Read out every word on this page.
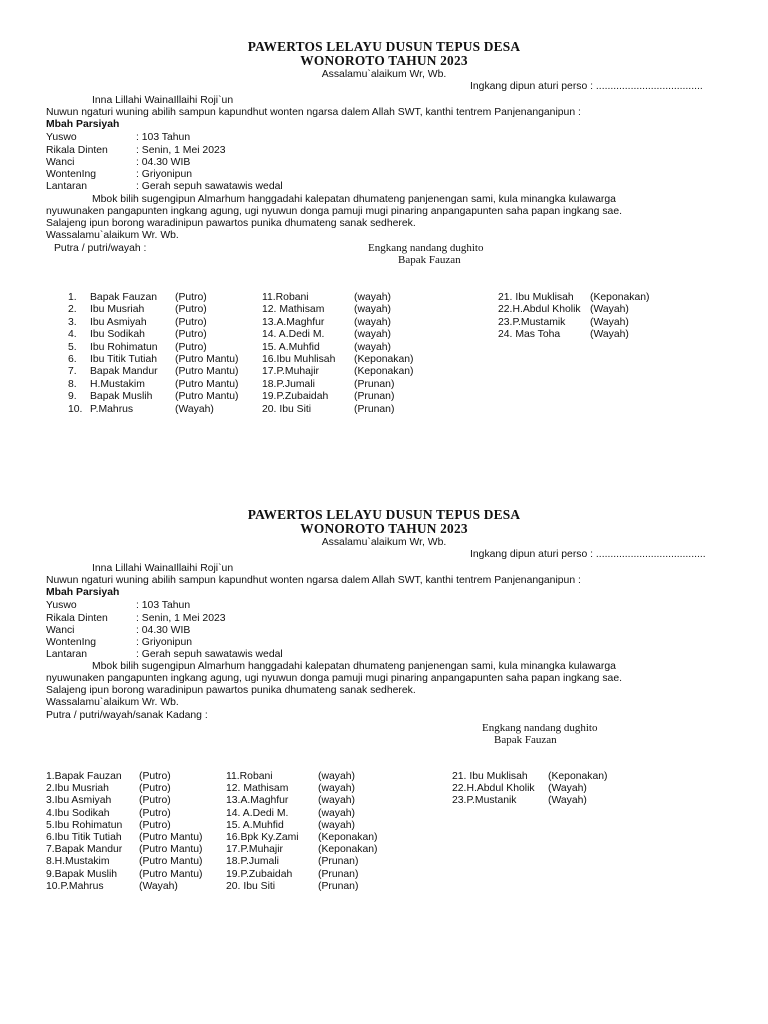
PAWERTOS LELAYU DUSUN TEPUS DESA
WONOROTO TAHUN 2023
Assalamu`alaikum Wr, Wb.
Ingkang dipun aturi perso : .....................................
Inna Lillahi WainaIllaihi Roji`un
Nuwun ngaturi wuning abilih sampun kapundhut wonten ngarsa dalem Allah SWT, kanthi tentrem Panjenanganipun :
Mbah Parsiyah
Yuswo	: 103 Tahun
Rikala Dinten	: Senin, 1 Mei 2023
Wanci	: 04.30 WIB
WontenIng	: Griyonipun
Lantaran	: Gerah sepuh sawatawis wedal
Mbok bilih sugengipun Almarhum hanggadahi kalepatan dhumateng panjenengan sami, kula minangka kulawarga
nyuwunaken pangapunten ingkang agung, ugi nyuwun donga pamuji mugi pinaring anpangapunten saha papan ingkang sae.
Salajeng ipun borong waradinipun pawartos punika dhumateng sanak sedherek.
Wassalamu`alaikum Wr. Wb.
Putra / putri/wayah :	Engkang nandang dughito
Bapak Fauzan
1. Bapak Fauzan (Putro)
2. Ibu Musriah	(Putro)
3. Ibu Asmiyah	(Putro)
4. Ibu Sodikah	(Putro)
5. Ibu Rohimatun (Putro)
6. Ibu Titik Tutiah (Putro Mantu)
7. Bapak Mandur (Putro Mantu)
8. H.Mustakim	(Putro Mantu)
9. Bapak Muslih (Putro Mantu)
10. P.Mahrus	(Wayah)
11.Robani	(wayah)
12. Mathisam	(wayah)
13.A.Maghfur	(wayah)
14. A.Dedi M.	(wayah)
15. A.Muhfid	(wayah)
16.Ibu Muhlisah (Keponakan)
17.P.Muhajir	(Keponakan)
18.P.Jumali	(Prunan)
19.P.Zubaidah (Prunan)
20. Ibu Siti	(Prunan)
21. Ibu Muklisah (Keponakan)
22.H.Abdul Kholik (Wayah)
23.P.Mustamik (Wayah)
24. Mas Toha	(Wayah)
PAWERTOS LELAYU DUSUN TEPUS DESA
WONOROTO TAHUN 2023
Assalamu`alaikum Wr, Wb.
Ingkang dipun aturi perso : ......................................
Inna Lillahi WainaIllaihi Roji`un
Nuwun ngaturi wuning abilih sampun kapundhut wonten ngarsa dalem Allah SWT, kanthi tentrem Panjenanganipun :
Mbah Parsiyah
Yuswo	: 103 Tahun
Rikala Dinten	: Senin, 1 Mei 2023
Wanci	: 04.30 WIB
WontenIng	: Griyonipun
Lantaran	: Gerah sepuh sawatawis wedal
Mbok bilih sugengipun Almarhum hanggadahi kalepatan dhumateng panjenengan sami, kula minangka kulawarga
nyuwunaken pangapunten ingkang agung, ugi nyuwun donga pamuji mugi pinaring anpangapunten saha papan ingkang sae.
Salajeng ipun borong waradinipun pawartos punika dhumateng sanak sedherek.
Wassalamu`alaikum Wr. Wb.
Putra / putri/wayah/sanak Kadang :
Engkang nandang dughito
Bapak Fauzan
1.Bapak Fauzan (Putro)
2.Ibu Musriah	(Putro)
3.Ibu Asmiyah	(Putro)
4.Ibu Sodikah	(Putro)
5.Ibu Rohimatun (Putro)
6.Ibu Titik Tutiah (Putro Mantu)
7.Bapak Mandur (Putro Mantu)
8.H.Mustakim	(Putro Mantu)
9.Bapak Muslih (Putro Mantu)
10.P.Mahrus	(Wayah)
11.Robani	(wayah)
12. Mathisam	(wayah)
13.A.Maghfur	(wayah)
14. A.Dedi M.	(wayah)
15. A.Muhfid	(wayah)
16.Bpk Ky.Zami (Keponakan)
17.P.Muhajir	(Keponakan)
18.P.Jumali	(Prunan)
19.P.Zubaidah (Prunan)
20. Ibu Siti	(Prunan)
21. Ibu Muklisah (Keponakan)
22.H.Abdul Kholik (Wayah)
23.P.Mustanik	(Wayah)
